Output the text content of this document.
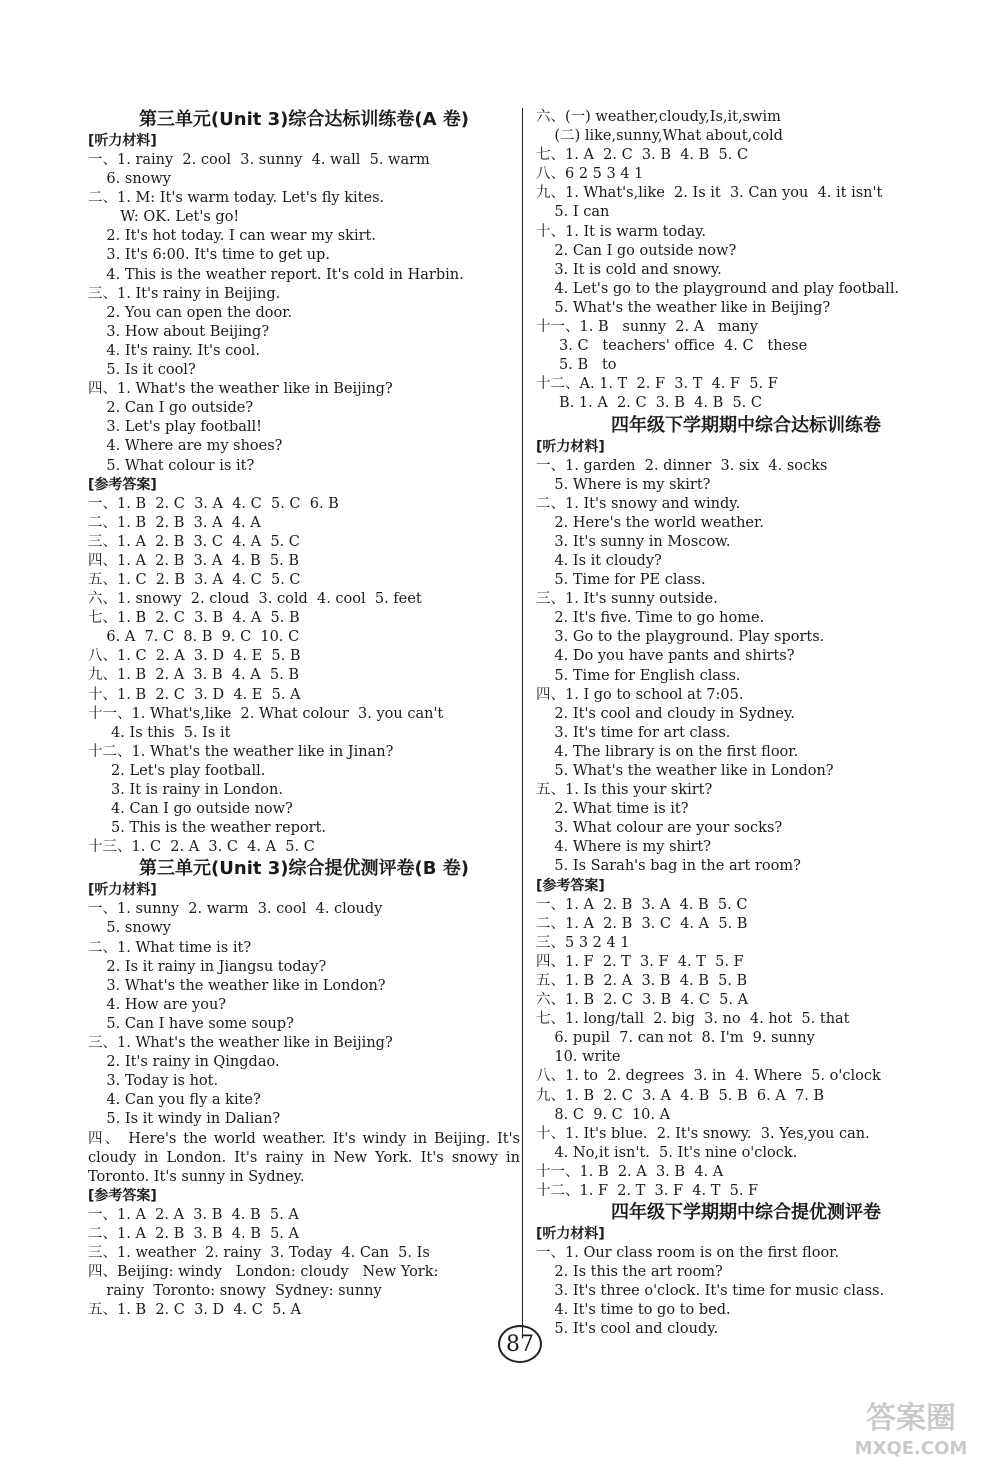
第三单元(Unit 3)综合达标训练卷(A 卷)
[听力材料]
一、1. rainy  2. cool  3. sunny  4. wall  5. warm
6. snowy
二、1. M: It's warm today. Let's fly kites.
W: OK. Let's go!
2. It's hot today. I can wear my skirt.
3. It's 6:00. It's time to get up.
4. This is the weather report. It's cold in Harbin.
三、1. It's rainy in Beijing.
2. You can open the door.
3. How about Beijing?
4. It's rainy. It's cool.
5. Is it cool?
四、1. What's the weather like in Beijing?
2. Can I go outside?
3. Let's play football!
4. Where are my shoes?
5. What colour is it?
[参考答案]
一、1. B  2. C  3. A  4. C  5. C  6. B
二、1. B  2. B  3. A  4. A
三、1. A  2. B  3. C  4. A  5. C
四、1. A  2. B  3. A  4. B  5. B
五、1. C  2. B  3. A  4. C  5. C
六、1. snowy  2. cloud  3. cold  4. cool  5. feet
七、1. B  2. C  3. B  4. A  5. B
6. A  7. C  8. B  9. C  10. C
八、1. C  2. A  3. D  4. E  5. B
九、1. B  2. A  3. B  4. A  5. B
十、1. B  2. C  3. D  4. E  5. A
十一、1. What's,like  2. What colour  3. you can't
4. Is this  5. Is it
十二、1. What's the weather like in Jinan?
2. Let's play football.
3. It is rainy in London.
4. Can I go outside now?
5. This is the weather report.
十三、1. C  2. A  3. C  4. A  5. C
第三单元(Unit 3)综合提优测评卷(B 卷)
[听力材料]
一、1. sunny  2. warm  3. cool  4. cloudy
5. snowy
二、1. What time is it?
2. Is it rainy in Jiangsu today?
3. What's the weather like in London?
4. How are you?
5. Can I have some soup?
三、1. What's the weather like in Beijing?
2. It's rainy in Qingdao.
3. Today is hot.
4. Can you fly a kite?
5. Is it windy in Dalian?
四、 Here's the world weather. It's windy in Beijing. It's cloudy in London. It's rainy in New York. It's snowy in Toronto. It's sunny in Sydney.
[参考答案]
一、1. A  2. A  3. B  4. B  5. A
二、1. A  2. B  3. B  4. B  5. A
三、1. weather  2. rainy  3. Today  4. Can  5. Is
四、Beijing: windy   London: cloudy   New York:
rainy  Toronto: snowy  Sydney: sunny
五、1. B  2. C  3. D  4. C  5. A
六、(一) weather,cloudy,Is,it,swim
(二) like,sunny,What about,cold
七、1. A  2. C  3. B  4. B  5. C
八、6 2 5 3 4 1
九、1. What's,like  2. Is it  3. Can you  4. it isn't
5. I can
十、1. It is warm today.
2. Can I go outside now?
3. It is cold and snowy.
4. Let's go to the playground and play football.
5. What's the weather like in Beijing?
十一、1. B   sunny  2. A   many
3. C   teachers' office  4. C   these
5. B   to
十二、A. 1. T  2. F  3. T  4. F  5. F
B. 1. A  2. C  3. B  4. B  5. C
四年级下学期期中综合达标训练卷
[听力材料]
一、1. garden  2. dinner  3. six  4. socks
5. Where is my skirt?
二、1. It's snowy and windy.
2. Here's the world weather.
3. It's sunny in Moscow.
4. Is it cloudy?
5. Time for PE class.
三、1. It's sunny outside.
2. It's five. Time to go home.
3. Go to the playground. Play sports.
4. Do you have pants and shirts?
5. Time for English class.
四、1. I go to school at 7:05.
2. It's cool and cloudy in Sydney.
3. It's time for art class.
4. The library is on the first floor.
5. What's the weather like in London?
五、1. Is this your skirt?
2. What time is it?
3. What colour are your socks?
4. Where is my shirt?
5. Is Sarah's bag in the art room?
[参考答案]
一、1. A  2. B  3. A  4. B  5. C
二、1. A  2. B  3. C  4. A  5. B
三、5 3 2 4 1
四、1. F  2. T  3. F  4. T  5. F
五、1. B  2. A  3. B  4. B  5. B
六、1. B  2. C  3. B  4. C  5. A
七、1. long/tall  2. big  3. no  4. hot  5. that
6. pupil  7. can not  8. I'm  9. sunny
10. write
八、1. to  2. degrees  3. in  4. Where  5. o'clock
九、1. B  2. C  3. A  4. B  5. B  6. A  7. B
8. C  9. C  10. A
十、1. It's blue.  2. It's snowy.  3. Yes,you can.
4. No,it isn't.  5. It's nine o'clock.
十一、1. B  2. A  3. B  4. A
十二、1. F  2. T  3. F  4. T  5. F
四年级下学期期中综合提优测评卷
[听力材料]
一、1. Our class room is on the first floor.
2. Is this the art room?
3. It's three o'clock. It's time for music class.
4. It's time to go to bed.
5. It's cool and cloudy.
87
答案圈
MXQE.COM
